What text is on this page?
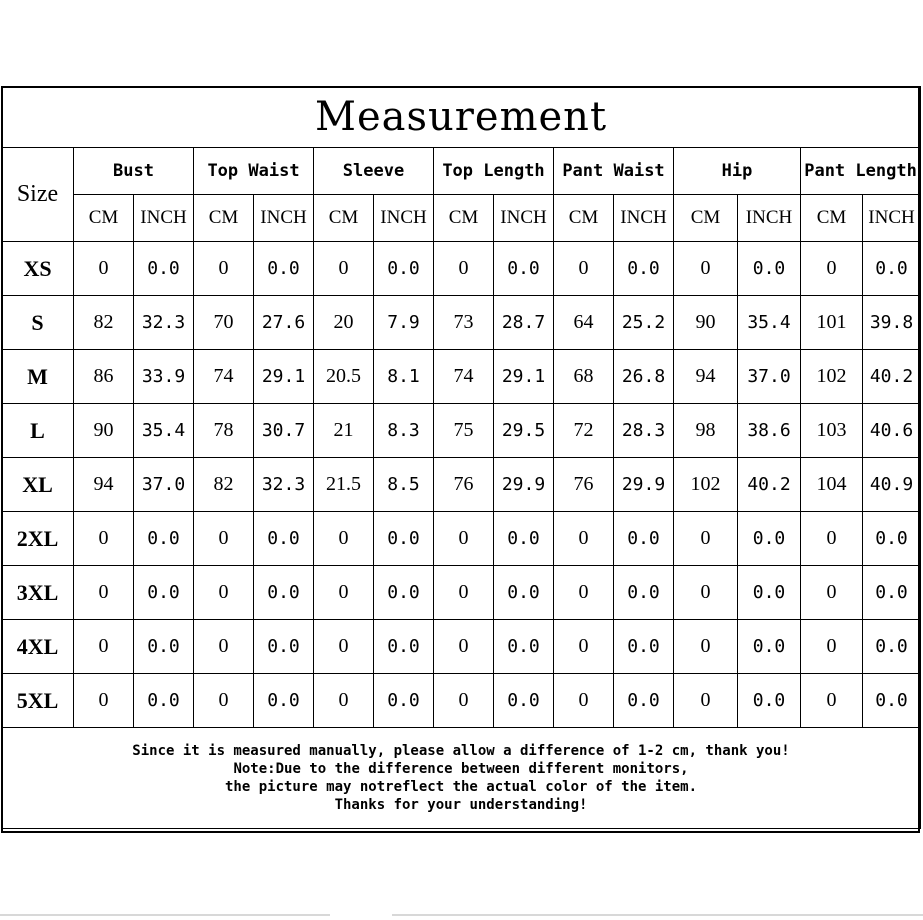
Measurement														
Size	Bust		Top Waist		Sleeve		Top Length		Pant Waist		Hip		Pant Length	
	CM	INCH	CM	INCH	CM	INCH	CM	INCH	CM	INCH	CM	INCH	CM	INCH
XS	0	0.0	0	0.0	0	0.0	0	0.0	0	0.0	0	0.0	0	0.0
S	82	32.3	70	27.6	20	7.9	73	28.7	64	25.2	90	35.4	101	39.8
M	86	33.9	74	29.1	20.5	8.1	74	29.1	68	26.8	94	37.0	102	40.2
L	90	35.4	78	30.7	21	8.3	75	29.5	72	28.3	98	38.6	103	40.6
XL	94	37.0	82	32.3	21.5	8.5	76	29.9	76	29.9	102	40.2	104	40.9
2XL	0	0.0	0	0.0	0	0.0	0	0.0	0	0.0	0	0.0	0	0.0
3XL	0	0.0	0	0.0	0	0.0	0	0.0	0	0.0	0	0.0	0	0.0
4XL	0	0.0	0	0.0	0	0.0	0	0.0	0	0.0	0	0.0	0	0.0
5XL	0	0.0	0	0.0	0	0.0	0	0.0	0	0.0	0	0.0	0	0.0

Since it is measured manually, please allow a difference of 1-2 cm, thank you!
Note:Due to the difference between different monitors,
the picture may notreflect the actual color of the item.
Thanks for your understanding!														
